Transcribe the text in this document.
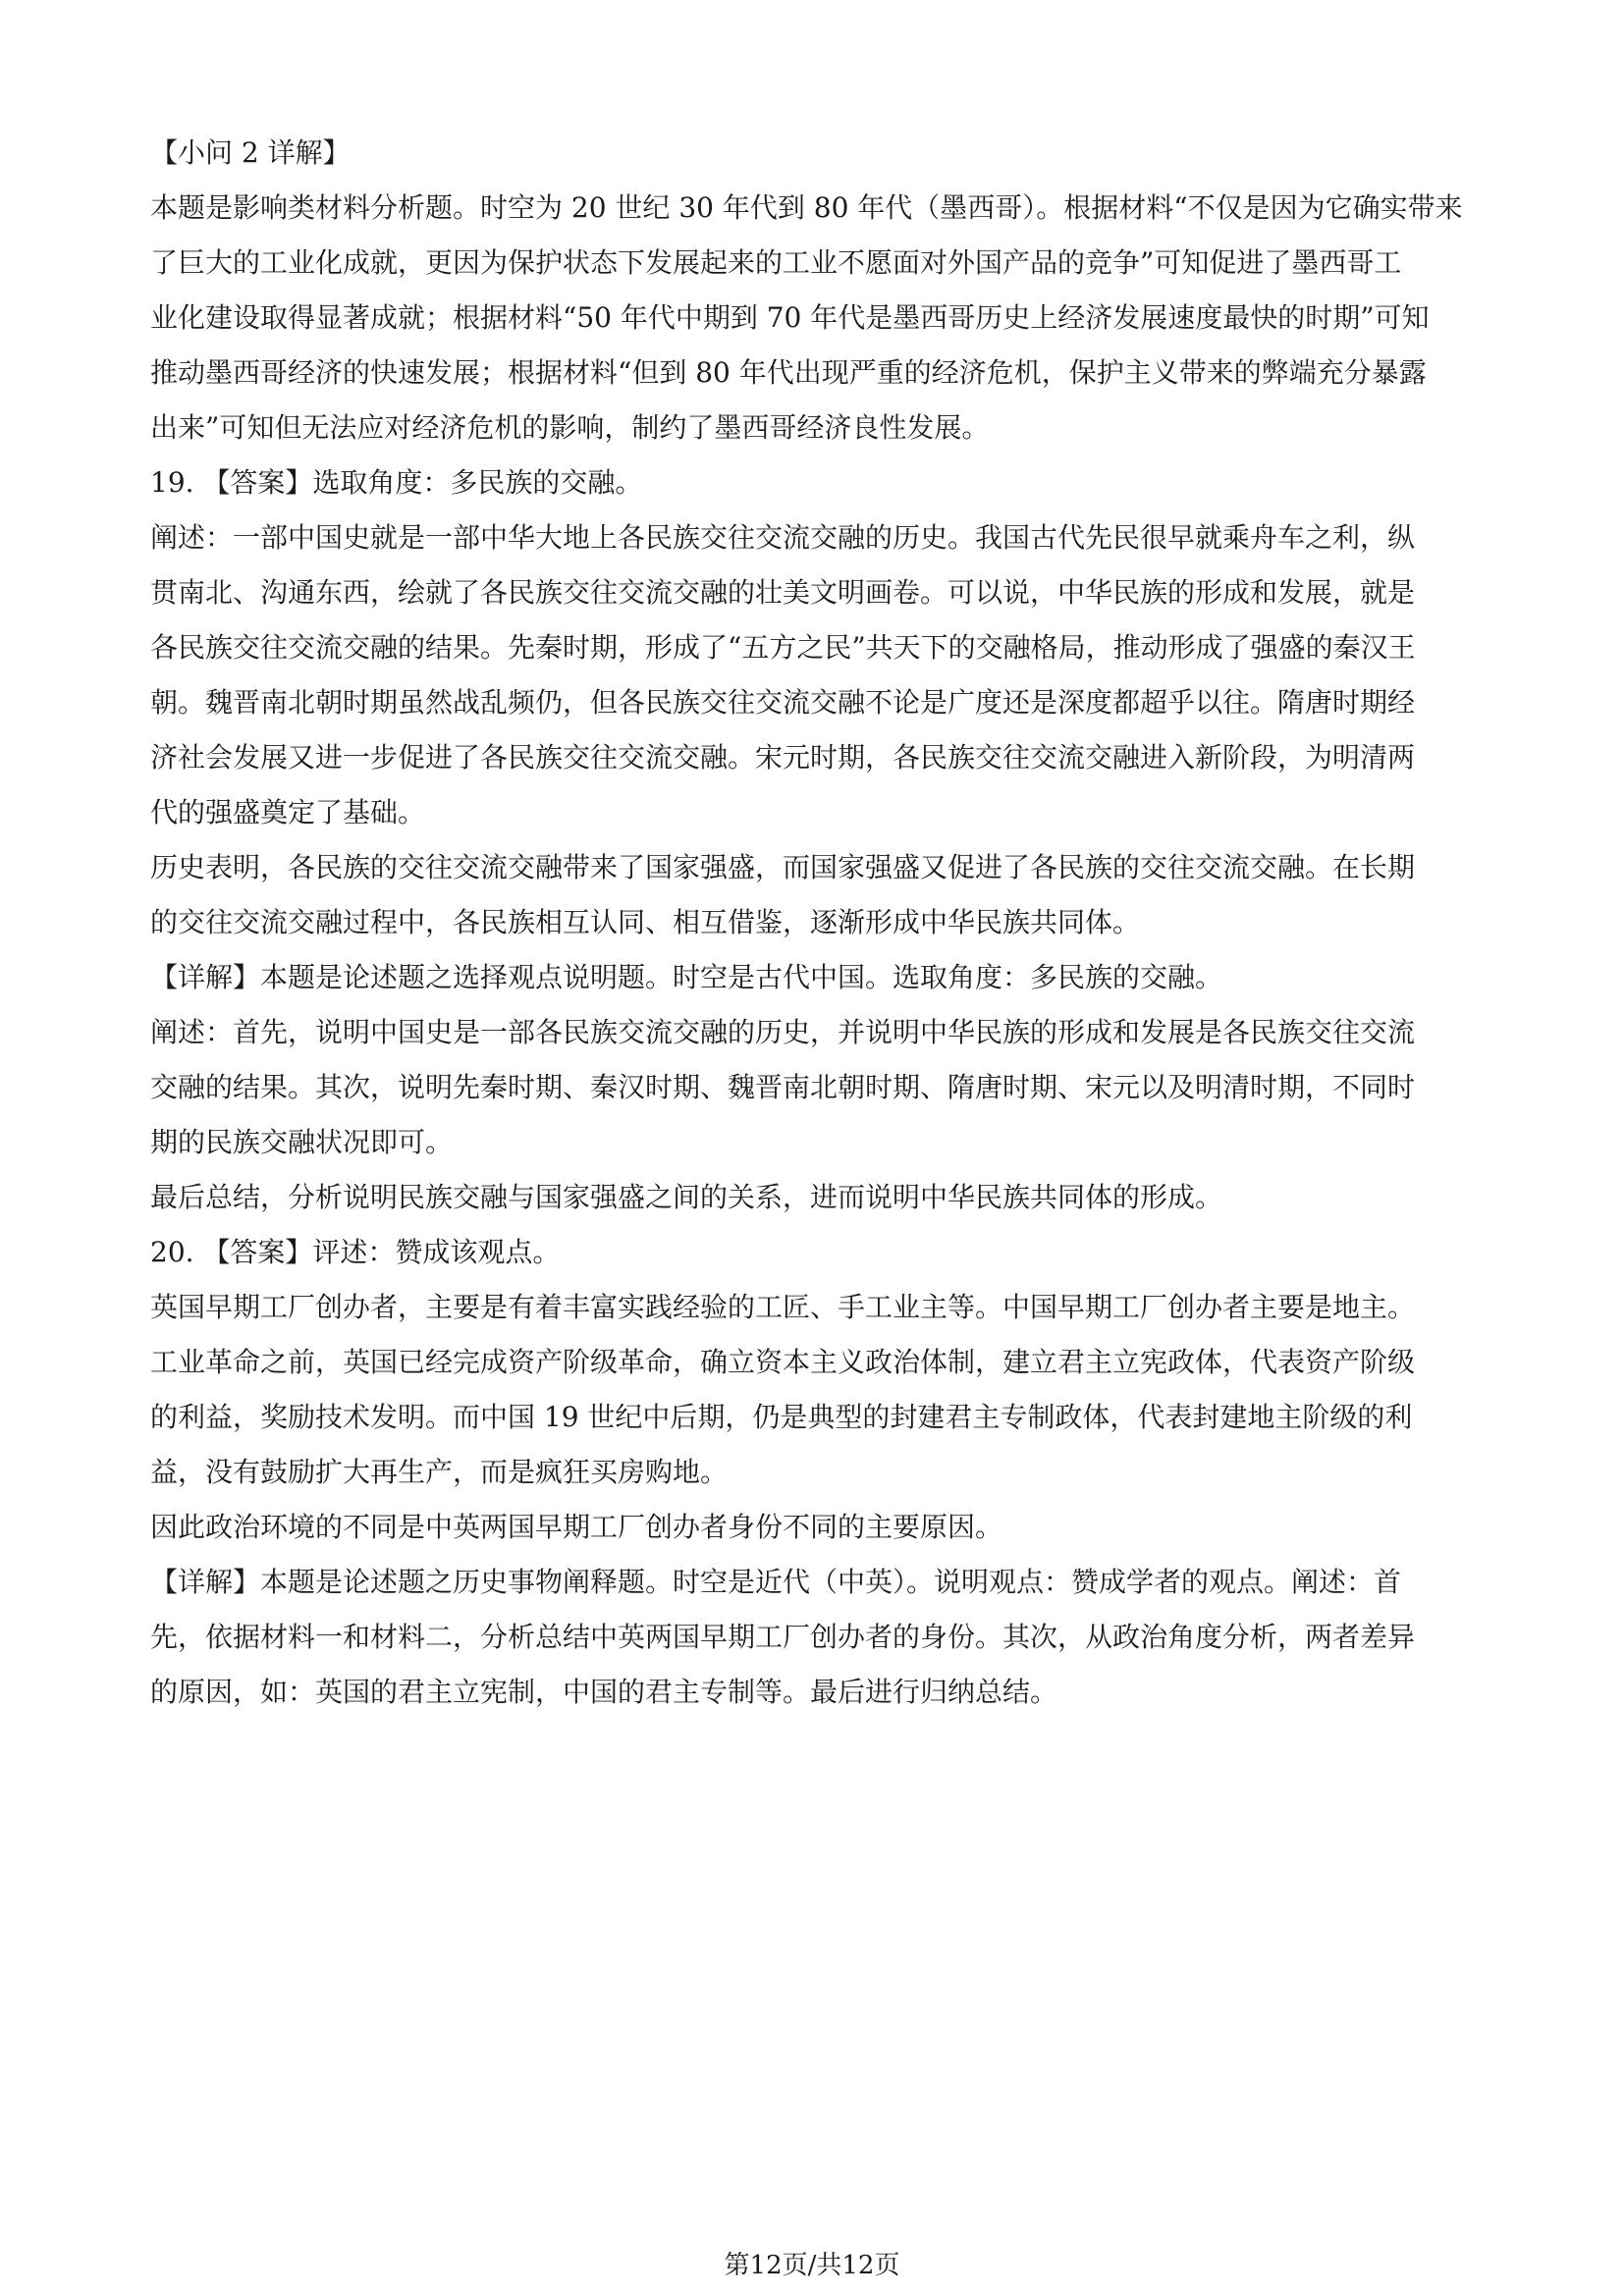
【小问 2 详解】

本题是影响类材料分析题。时空为 20 世纪 30 年代到 80 年代（墨西哥）。根据材料“不仅是因为它确实带来

了巨大的工业化成就，更因为保护状态下发展起来的工业不愿面对外国产品的竞争”可知促进了墨西哥工

业化建设取得显著成就；根据材料“50 年代中期到 70 年代是墨西哥历史上经济发展速度最快的时期”可知

推动墨西哥经济的快速发展；根据材料“但到 80 年代出现严重的经济危机，保护主义带来的弊端充分暴露

出来”可知但无法应对经济危机的影响，制约了墨西哥经济良性发展。

19. 【答案】选取角度：多民族的交融。

阐述：一部中国史就是一部中华大地上各民族交往交流交融的历史。我国古代先民很早就乘舟车之利，纵

贯南北、沟通东西，绘就了各民族交往交流交融的壮美文明画卷。可以说，中华民族的形成和发展，就是

各民族交往交流交融的结果。先秦时期，形成了“五方之民”共天下的交融格局，推动形成了强盛的秦汉王

朝。魏晋南北朝时期虽然战乱频仍，但各民族交往交流交融不论是广度还是深度都超乎以往。隋唐时期经

济社会发展又进一步促进了各民族交往交流交融。宋元时期，各民族交往交流交融进入新阶段，为明清两

代的强盛奠定了基础。

历史表明，各民族的交往交流交融带来了国家强盛，而国家强盛又促进了各民族的交往交流交融。在长期

的交往交流交融过程中，各民族相互认同、相互借鉴，逐渐形成中华民族共同体。

【详解】本题是论述题之选择观点说明题。时空是古代中国。选取角度：多民族的交融。

阐述：首先，说明中国史是一部各民族交流交融的历史，并说明中华民族的形成和发展是各民族交往交流

交融的结果。其次，说明先秦时期、秦汉时期、魏晋南北朝时期、隋唐时期、宋元以及明清时期，不同时

期的民族交融状况即可。

最后总结，分析说明民族交融与国家强盛之间的关系，进而说明中华民族共同体的形成。

20. 【答案】评述：赞成该观点。

英国早期工厂创办者，主要是有着丰富实践经验的工匠、手工业主等。中国早期工厂创办者主要是地主。

工业革命之前，英国已经完成资产阶级革命，确立资本主义政治体制，建立君主立宪政体，代表资产阶级

的利益，奖励技术发明。而中国 19 世纪中后期，仍是典型的封建君主专制政体，代表封建地主阶级的利

益，没有鼓励扩大再生产，而是疯狂买房购地。

因此政治环境的不同是中英两国早期工厂创办者身份不同的主要原因。

【详解】本题是论述题之历史事物阐释题。时空是近代（中英）。说明观点：赞成学者的观点。阐述：首

先，依据材料一和材料二，分析总结中英两国早期工厂创办者的身份。其次，从政治角度分析，两者差异

的原因，如：英国的君主立宪制，中国的君主专制等。最后进行归纳总结。

第12页/共12页
